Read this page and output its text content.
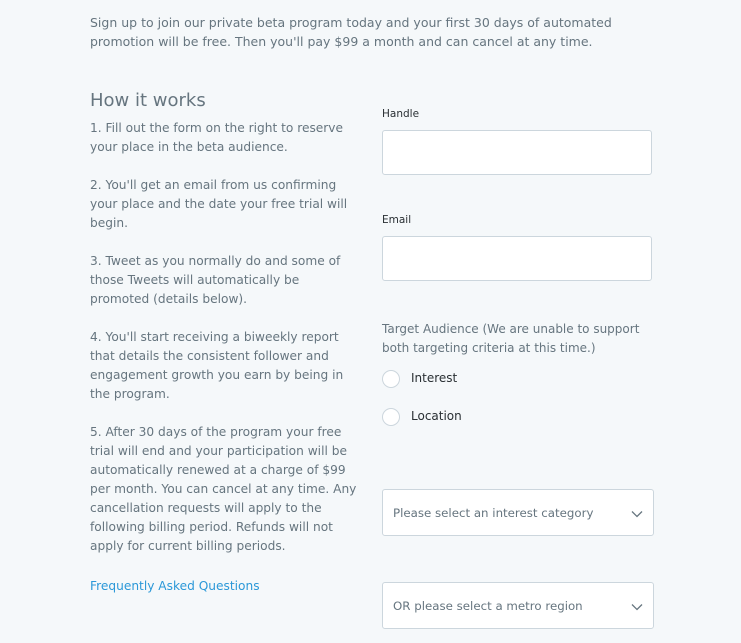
Sign up to join our private beta program today and your first 30 days of automated promotion will be free. Then you'll pay $99 a month and can cancel at any time.

How it works

1. Fill out the form on the right to reserve your place in the beta audience.

2. You'll get an email from us confirming your place and the date your free trial will begin.

3. Tweet as you normally do and some of those Tweets will automatically be promoted (details below).

4. You'll start receiving a biweekly report that details the consistent follower and engagement growth you earn by being in the program.

5. After 30 days of the program your free trial will end and your participation will be automatically renewed at a charge of $99 per month. You can cancel at any time. Any cancellation requests will apply to the following billing period. Refunds will not apply for current billing periods.

Frequently Asked Questions
Handle
Email

Target Audience (We are unable to support both targeting criteria at this time.)

Interest
Location
Please select an interest category
OR please select a metro region
